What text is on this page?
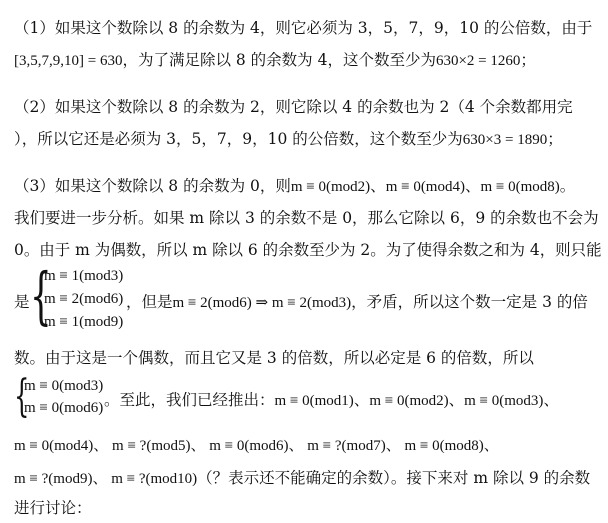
（1）如果这个数除以 8 的余数为 4，则它必须为 3，5，7，9，10 的公倍数，由于
[3,5,7,9,10] = 630，为了满足除以 8 的余数为 4，这个数至少为630×2 = 1260；
（2）如果这个数除以 8 的余数为 2，则它除以 4 的余数也为 2（4 个余数都用完
），所以它还是必须为 3，5，7，9，10 的公倍数，这个数至少为630×3 = 1890；
（3）如果这个数除以 8 的余数为 0，则m ≡ 0(mod2)、m ≡ 0(mod4)、m ≡ 0(mod8)。
我们要进一步分析。如果 m 除以 3 的余数不是 0，那么它除以 6，9 的余数也不会为
0。由于 m 为偶数，所以 m 除以 6 的余数至少为 2。为了使得余数之和为 4，则只能
是 {
m ≡ 1(mod3)
m ≡ 2(mod6)
m ≡ 1(mod9)
，但是m ≡ 2(mod6) ⇒ m ≡ 2(mod3)，矛盾，所以这个数一定是 3 的倍
数。由于这是一个偶数，而且它又是 3 的倍数，所以必定是 6 的倍数，所以
{
m ≡ 0(mod3)
m ≡ 0(mod6) 。至此，我们已经推出：m ≡ 0(mod1)、m ≡ 0(mod2)、m ≡ 0(mod3)、
m ≡ 0(mod4)、 m ≡ ?(mod5)、 m ≡ 0(mod6)、 m ≡ ?(mod7)、 m ≡ 0(mod8)、
m ≡ ?(mod9)、 m ≡ ?(mod10)（？表示还不能确定的余数）。接下来对 m 除以 9 的余数
进行讨论：
